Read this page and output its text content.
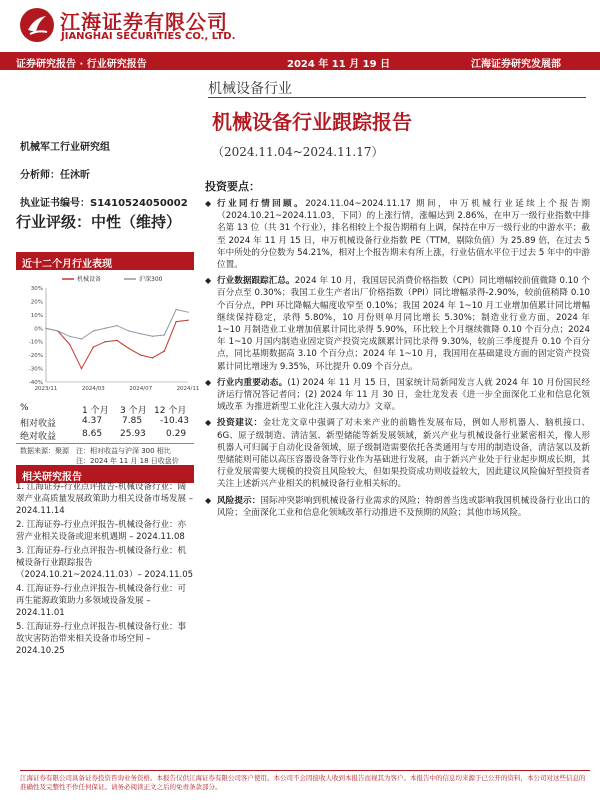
江海证券有限公司
JIANGHAI SECURITIES CO., LTD.
证券研究报告 · 行业研究报告	2024 年 11 月 19 日	江海证券研究发展部
机械设备行业
机械设备行业跟踪报告
（2024.11.04~2024.11.17）
机械军工行业研究组
分析师：任沐昕
执业证书编号：S1410524050002
行业评级：中性（维持）
近十二个月行业表现
30%
20%
10%
0%
-10%
-20%
-30%
-40%
2023/11	2024/03	2024/07	2024/11
机械设备	沪深300
%	1 个月 3 个月 12 个月
相对收益	4.37 7.85 -10.43
绝对收益	8.65 25.93 0.29
数据来源：聚源　注：相对收益与沪深 300 相比
注：2024 年 11 月 18 日收盘价
相关研究报告
1. 江海证券-行业点评报告-机械设备行业：阔翠产业高质量发展政策助力相关设备市场发展 – 2024.11.14
2. 江海证券-行业点评报告-机械设备行业：亦营产业相关设备或迎来机遇期 – 2024.11.08
3. 江海证券-行业点评报告-机械设备行业：机械设备行业跟踪报告（2024.10.21~2024.11.03）– 2024.11.05
4. 江海证券-行业点评报告-机械设备行业：可再生能源政策助力多领域设备发展 – 2024.11.01
5. 江海证券-行业点评报告-机械设备行业：事故灾害防治带来相关设备市场空间 – 2024.10.25
投资要点：
◆ 行业同行情回顾。2024.11.04~2024.11.17 期间，申万机械行业延续上个报告期（2024.10.21~2024.11.03，下同）的上涨行情，涨幅达到 2.86%，在申万一级行业指数中排名第 13 位（共 31 个行业），排名相较上个报告期稍有上调，保持在申万一级行业的中游水平；截至 2024 年 11 月 15 日，申万机械设备行业指数 PE（TTM，剔除负值）为 25.89 倍，在过去 5 年中所处的分位数为 54.21%，相对上个报告期末有所上涨，行业估值水平位于过去 5 年中的中游位置。
◆ 行业数据跟踪汇总。2024 年 10 月，我国居民消费价格指数（CPI）同比增幅较前值微降 0.10 个百分点至 0.30%；我国工业生产者出厂价格指数（PPI）同比增幅录得-2.90%，较前值稍降 0.10 个百分点，PPI 环比降幅大幅度收窄至 0.10%；我国 2024 年 1~10 月工业增加值累计同比增幅继续保持稳定，录得 5.80%，10 月份则单月同比增长 5.30%；制造业行业方面，2024 年 1~10 月制造业工业增加值累计同比录得 5.90%，环比较上个月继续微降 0.10 个百分点；2024 年 1~10 月国内制造业固定资产投资完成额累计同比录得 9.30%，较前三季度提升 0.10 个百分点，同比基期数据高 3.10 个百分点；2024 年 1~10 月，我国用在基础建设方面的固定资产投资累计同比增速为 9.35%，环比提升 0.09 个百分点。
◆ 行业内重要动态。(1) 2024 年 11 月 15 日，国家统计局新闻发言人就 2024 年 10 月份国民经济运行情况答记者问；(2) 2024 年 11 月 30 日，金壮龙发表《进一步全面深化工业和信息化领域改革 为推进新型工业化注入强大动力》文章。
◆ 投资建议：金壮龙文章中强调了对未来产业的前瞻性发展布局，例如人形机器人、脑机接口、6G、原子级制造、清洁氢、新型储能等新发展领域，新兴产业与机械设备行业紧密相关，像人形机器人可归属于自动化设备领域，原子级制造需要依托各类通用与专用的制造设备，清洁氢以及新型储能则可能以高压容器设备等行业作为基础进行发展，由于新兴产业处于行业起步期成长期，其行业发展需要大规模的投资且风险较大，但如果投资成功则收益较大，因此建议风险偏好型投资者关注上述新兴产业相关的机械设备行业相关标的。
◆ 风险提示：国际冲突影响到机械设备行业需求的风险；特朗普当选或影响我国机械设备行业出口的风险；全面深化工业和信息化领域改革行动推进不及预期的风险；其他市场风险。
江海证券有限公司具备证券投资咨询业务资格。本报告仅供江海证券有限公司客户使用。本公司不会因接收人收到本报告而视其为客户。本报告中的信息均来源于已公开的资料，本公司对这些信息的准确性及完整性不作任何保证。请务必阅读正文之后的免责条款部分。
